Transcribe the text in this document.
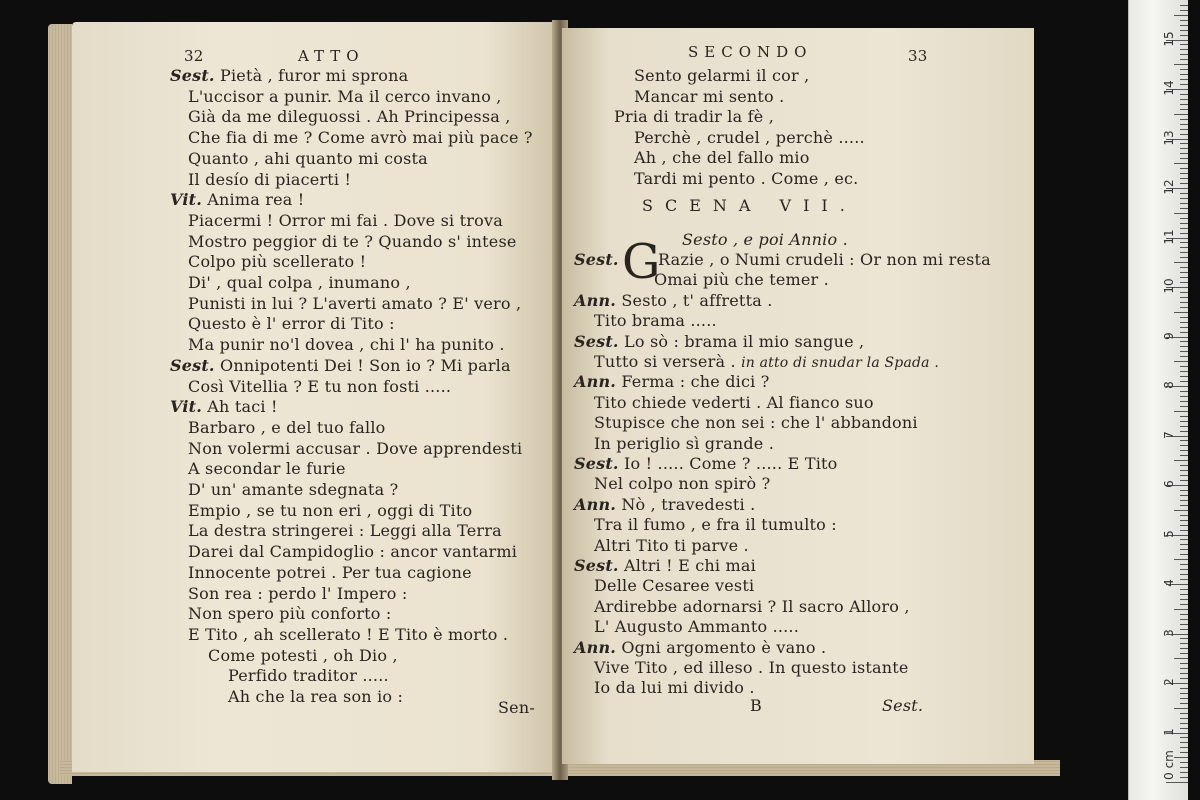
32	ATTO
Sest. Pietà , furor mi sprona
L'uccisor a punir. Ma il cerco invano ,
Già da me dileguossi . Ah Principessa ,
Che fia di me ? Come avrò mai più pace ?
Quanto , ahi quanto mi costa
Il desío di piacerti !
Vit. Anima rea !
Piacermi ! Orror mi fai . Dove si trova
Mostro peggior di te ? Quando s' intese
Colpo più scellerato !
Di' , qual colpa , inumano ,
Punisti in lui ? L'averti amato ? E' vero ,
Questo è l' error di Tito :
Ma punir no'l dovea , chi l' ha punito .
Sest. Onnipotenti Dei ! Son io ? Mi parla
Così Vitellia ? E tu non fosti .....
Vit. Ah taci !
Barbaro , e del tuo fallo
Non volermi accusar . Dove apprendesti
A secondar le furie
D' un' amante sdegnata ?
Empio , se tu non eri , oggi di Tito
La destra stringerei : Leggi alla Terra
Darei dal Campidoglio : ancor vantarmi
Innocente potrei . Per tua cagione
Son rea : perdo l' Impero :
Non spero più conforto :
E Tito , ah scellerato ! E Tito è morto .
Come potesti , oh Dio ,
Perfido traditor .....
Ah che la rea son io :
Sen-
SECONDO	33
Sento gelarmi il cor ,
Mancar mi sento .
Pria di tradir la fè ,
Perchè , crudel , perchè .....
Ah , che del fallo mio
Tardi mi pento . Come , ec.
SCENA VII.
Sesto , e poi Annio .
Sest. G
Razie , o Numi crudeli : Or non mi resta
Omai più che temer .
Ann. Sesto , t' affretta .
Tito brama .....
Sest. Lo sò : brama il mio sangue ,
Tutto si verserà . in atto di snudar la Spada .
Ann. Ferma : che dici ?
Tito chiede vederti . Al fianco suo
Stupisce che non sei : che l' abbandoni
In periglio sì grande .
Sest. Io ! ..... Come ? ..... E Tito
Nel colpo non spirò ?
Ann. Nò , travedesti .
Tra il fumo , e fra il tumulto :
Altri Tito ti parve .
Sest. Altri ! E chi mai
Delle Cesaree vesti
Ardirebbe adornarsi ? Il sacro Alloro ,
L' Augusto Ammanto .....
Ann. Ogni argomento è vano .
Vive Tito , ed illeso . In questo istante
Io da lui mi divido .
B	Sest.
0 cm
1
2
3
4
5
6
7
8
9
10
11
12
13
14
15
